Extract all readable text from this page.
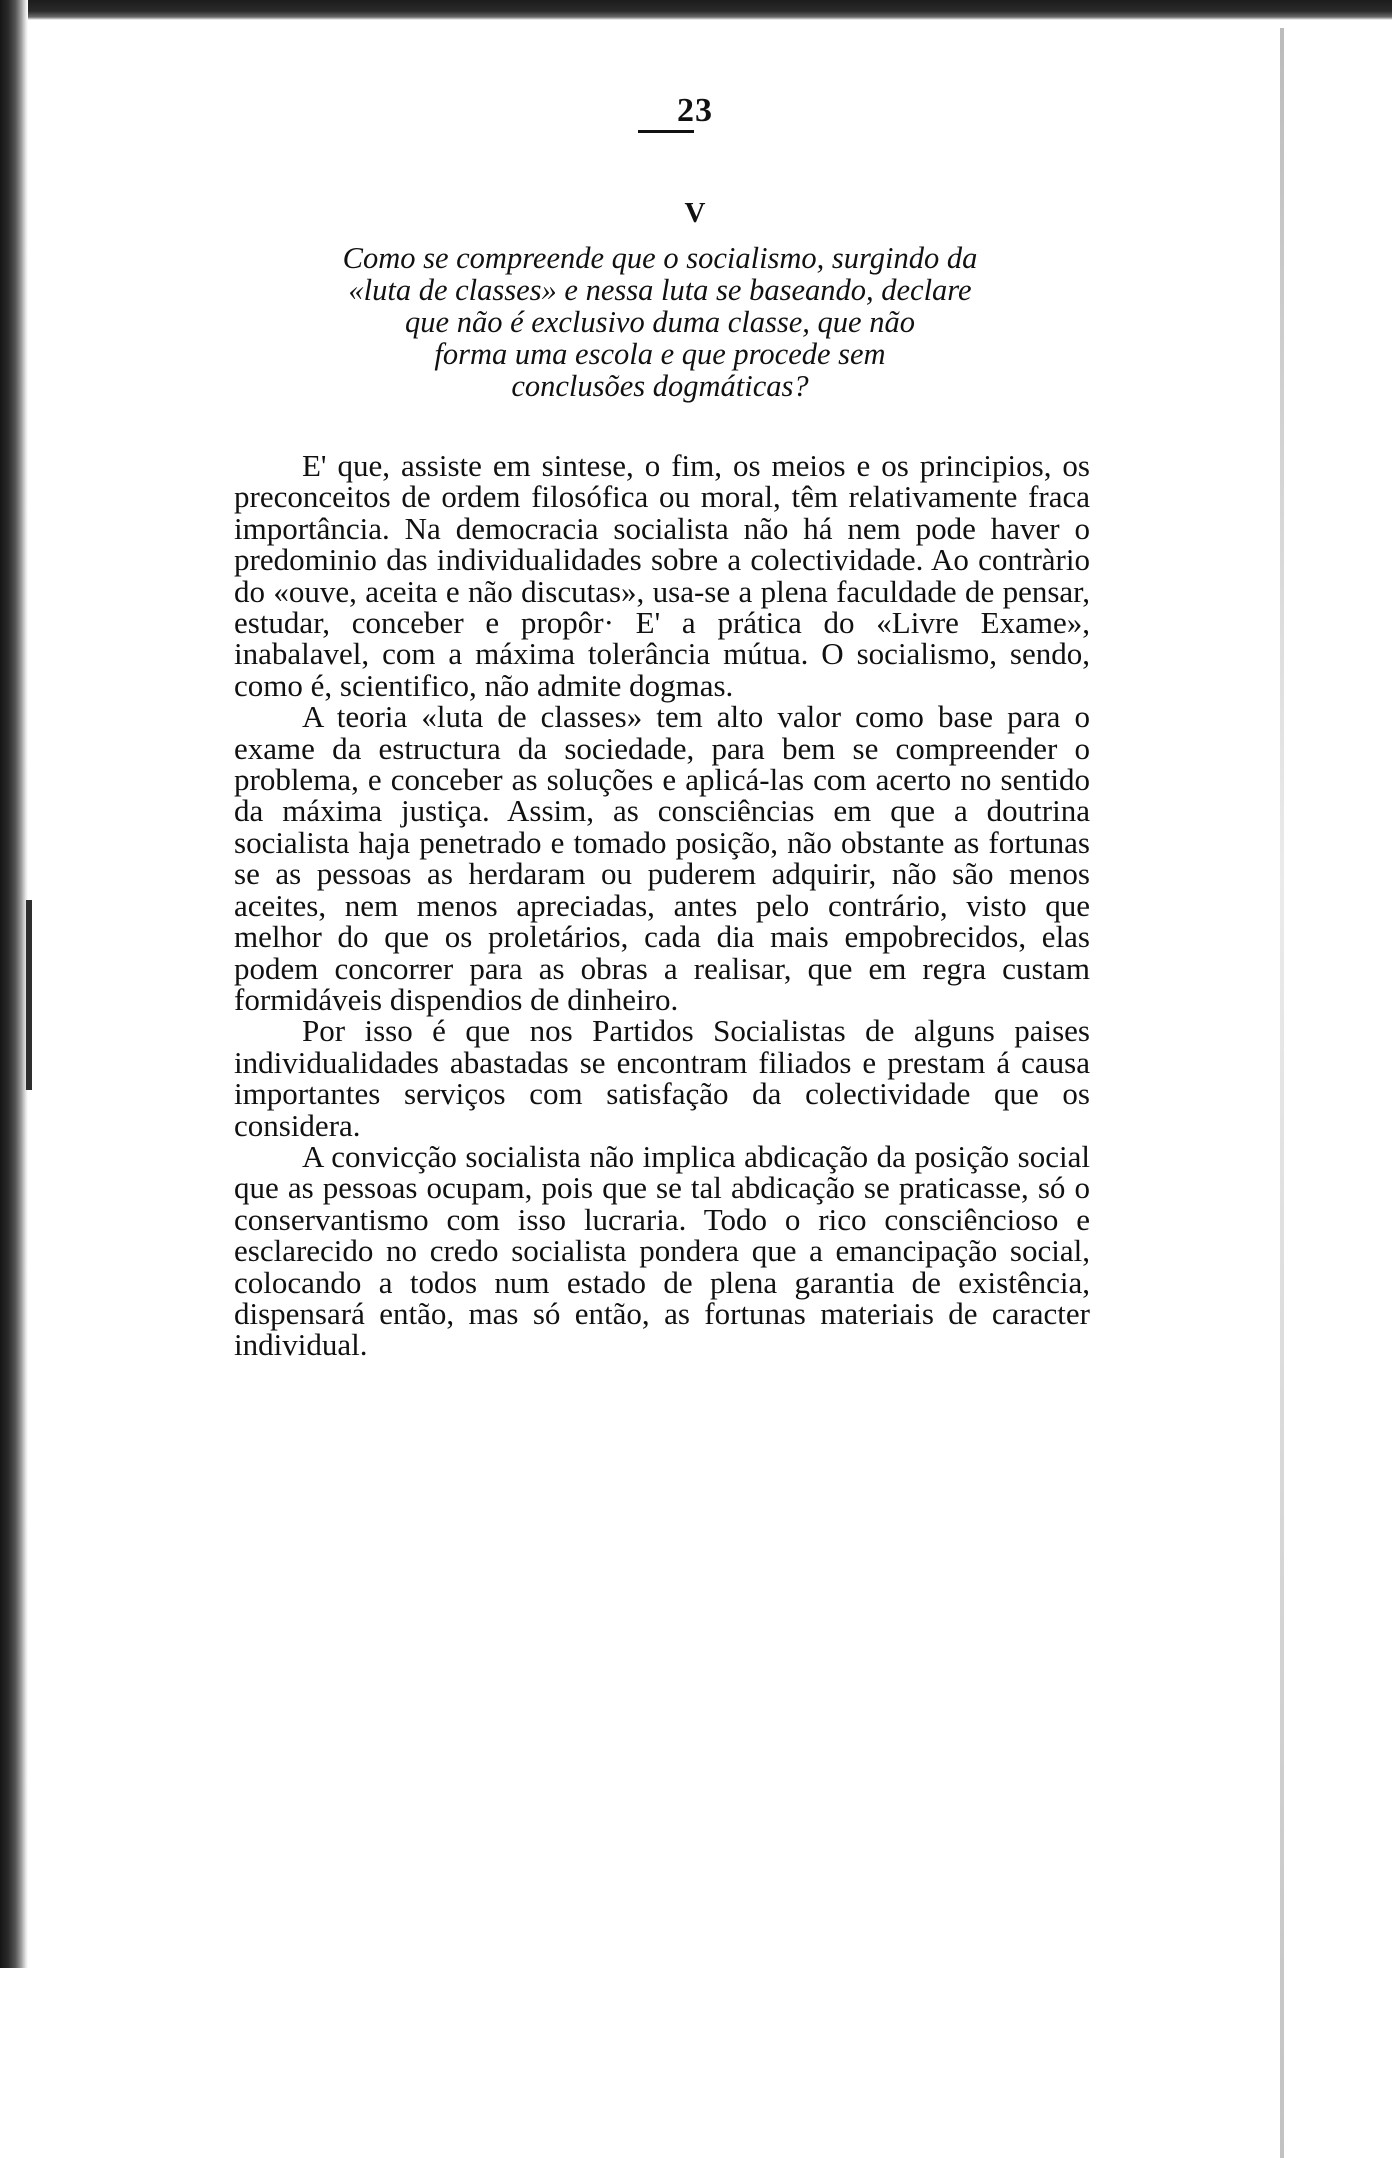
23
V
Como se compreende que o socialismo, surgindo da
«luta de classes» e nessa luta se baseando, declare
que não é exclusivo duma classe, que não
forma uma escola e que procede sem
conclusões dogmáticas?

E' que, assiste em sintese, o fim, os meios e os principios, os preconceitos de ordem filosófica ou moral, têm relativamente fraca importância. Na democracia socialista não há nem pode haver o predominio das individualidades sobre a colectividade. Ao contràrio do «ouve, aceita e não discutas», usa-se a plena faculdade de pensar, estudar, conceber e propôr· E' a prática do «Livre Exame», inabalavel, com a máxima tolerância mútua. O socialismo, sendo, como é, scientifico, não admite dogmas.

A teoria «luta de classes» tem alto valor como base para o exame da estructura da sociedade, para bem se compreender o problema, e conceber as soluções e aplicá-las com acerto no sentido da máxima justiça. Assim, as consciências em que a doutrina socialista haja penetrado e tomado posição, não obstante as fortunas se as pessoas as herdaram ou puderem adquirir, não são menos aceites, nem menos apreciadas, antes pelo contrário, visto que melhor do que os proletários, cada dia mais empobrecidos, elas podem concorrer para as obras a realisar, que em regra custam formidáveis dispendios de dinheiro.

Por isso é que nos Partidos Socialistas de alguns paises individualidades abastadas se encontram filiados e prestam á causa importantes serviços com satisfação da colectividade que os considera.

A convicção socialista não implica abdicação da posição social que as pessoas ocupam, pois que se tal abdicação se praticasse, só o conservantismo com isso lucraria. Todo o rico consciêncioso e esclarecido no credo socialista pondera que a emancipação social, colocando a todos num estado de plena garantia de existência, dispensará então, mas só então, as fortunas materiais de caracter individual.
